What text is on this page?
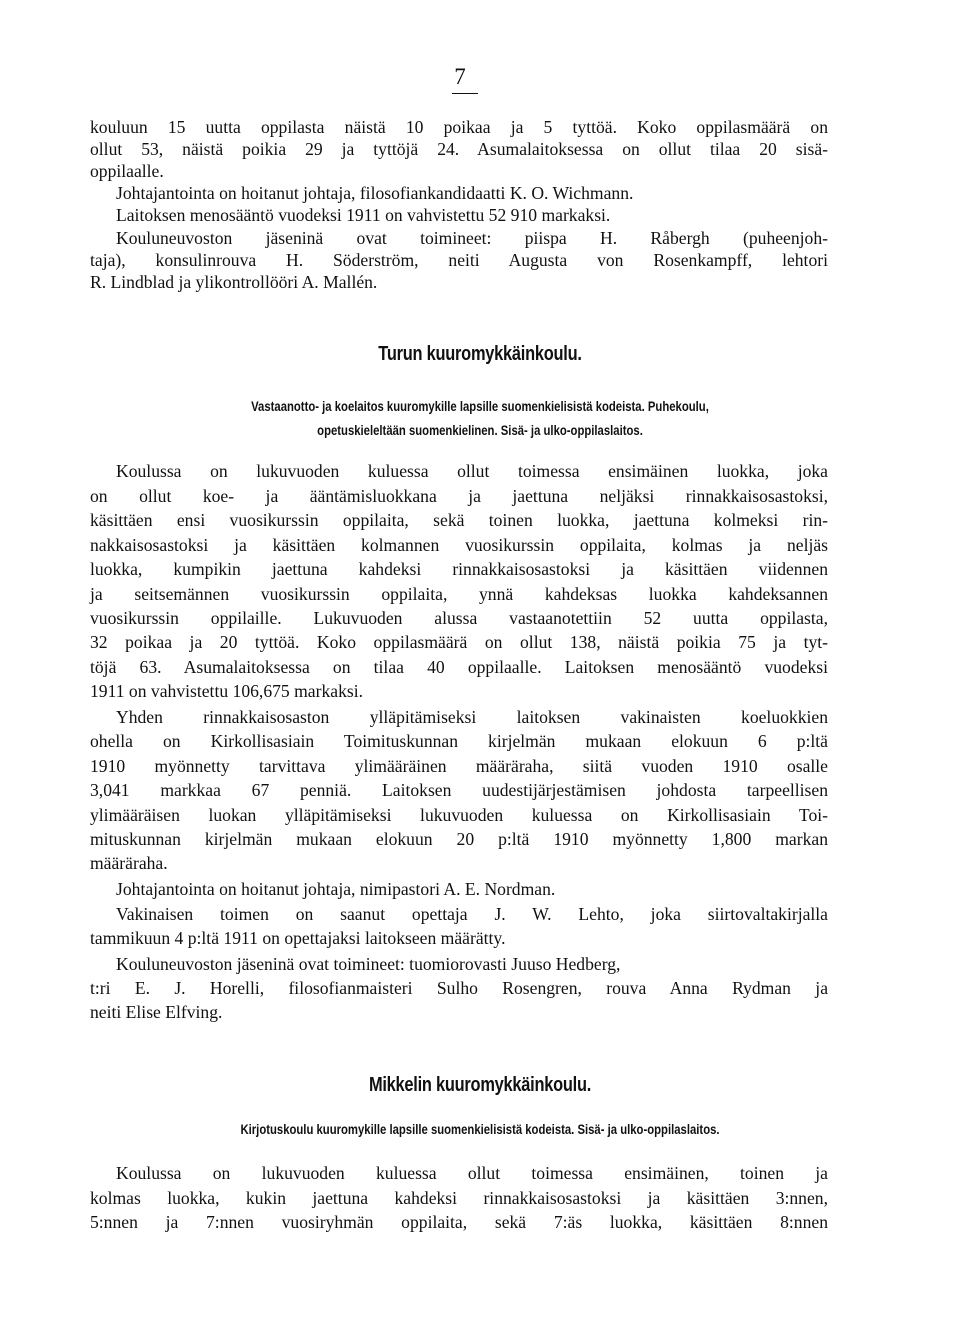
7
kouluun 15 uutta oppilasta näistä 10 poikaa ja 5 tyttöä. Koko oppilasmäärä on
ollut 53, näistä poikia 29 ja tyttöjä 24. Asumalaitoksessa on ollut tilaa 20 sisä-
oppilaalle.
Johtajantointa on hoitanut johtaja, filosofiankandidaatti K. O. Wichmann.
Laitoksen menosääntö vuodeksi 1911 on vahvistettu 52 910 markaksi.
Kouluneuvoston jäseninä ovat toimineet: piispa H. Råbergh (puheenjoh-
taja), konsulinrouva H. Söderström, neiti Augusta von Rosenkampff, lehtori
R. Lindblad ja ylikontrollööri A. Mallén.
Turun kuuromykkäinkoulu.
Vastaanotto- ja koelaitos kuuromykille lapsille suomenkielisistä kodeista. Puhekoulu,
opetuskieleltään suomenkielinen. Sisä- ja ulko-oppilaslaitos.
Koulussa on lukuvuoden kuluessa ollut toimessa ensimäinen luokka, joka
on ollut koe- ja ääntämisluokkana ja jaettuna neljäksi rinnakkaisosastoksi,
käsittäen ensi vuosikurssin oppilaita, sekä toinen luokka, jaettuna kolmeksi rin-
nakkaisosastoksi ja käsittäen kolmannen vuosikurssin oppilaita, kolmas ja neljäs
luokka, kumpikin jaettuna kahdeksi rinnakkaisosastoksi ja käsittäen viidennen
ja seitsemännen vuosikurssin oppilaita, ynnä kahdeksas luokka kahdeksannen
vuosikurssin oppilaille. Lukuvuoden alussa vastaanotettiin 52 uutta oppilasta,
32 poikaa ja 20 tyttöä. Koko oppilasmäärä on ollut 138, näistä poikia 75 ja tyt-
töjä 63. Asumalaitoksessa on tilaa 40 oppilaalle. Laitoksen menosääntö vuodeksi
1911 on vahvistettu 106,675 markaksi.
Yhden rinnakkaisosaston ylläpitämiseksi laitoksen vakinaisten koeluokkien
ohella on Kirkollisasiain Toimituskunnan kirjelmän mukaan elokuun 6 p:ltä
1910 myönnetty tarvittava ylimääräinen määräraha, siitä vuoden 1910 osalle
3,041 markkaa 67 penniä. Laitoksen uudestijärjestämisen johdosta tarpeellisen
ylimääräisen luokan ylläpitämiseksi lukuvuoden kuluessa on Kirkollisasiain Toi-
mituskunnan kirjelmän mukaan elokuun 20 p:ltä 1910 myönnetty 1,800 markan
määräraha.
Johtajantointa on hoitanut johtaja, nimipastori A. E. Nordman.
Vakinaisen toimen on saanut opettaja J. W. Lehto, joka siirtovaltakirjalla
tammikuun 4 p:ltä 1911 on opettajaksi laitokseen määrätty.
Kouluneuvoston jäseninä ovat toimineet: tuomiorovasti Juuso Hedberg,
t:ri E. J. Horelli, filosofianmaisteri Sulho Rosengren, rouva Anna Rydman ja
neiti Elise Elfving.
Mikkelin kuuromykkäinkoulu.
Kirjotuskoulu kuuromykille lapsille suomenkielisistä kodeista. Sisä- ja ulko-oppilaslaitos.
Koulussa on lukuvuoden kuluessa ollut toimessa ensimäinen, toinen ja
kolmas luokka, kukin jaettuna kahdeksi rinnakkaisosastoksi ja käsittäen 3:nnen,
5:nnen ja 7:nnen vuosiryhmän oppilaita, sekä 7:äs luokka, käsittäen 8:nnen
